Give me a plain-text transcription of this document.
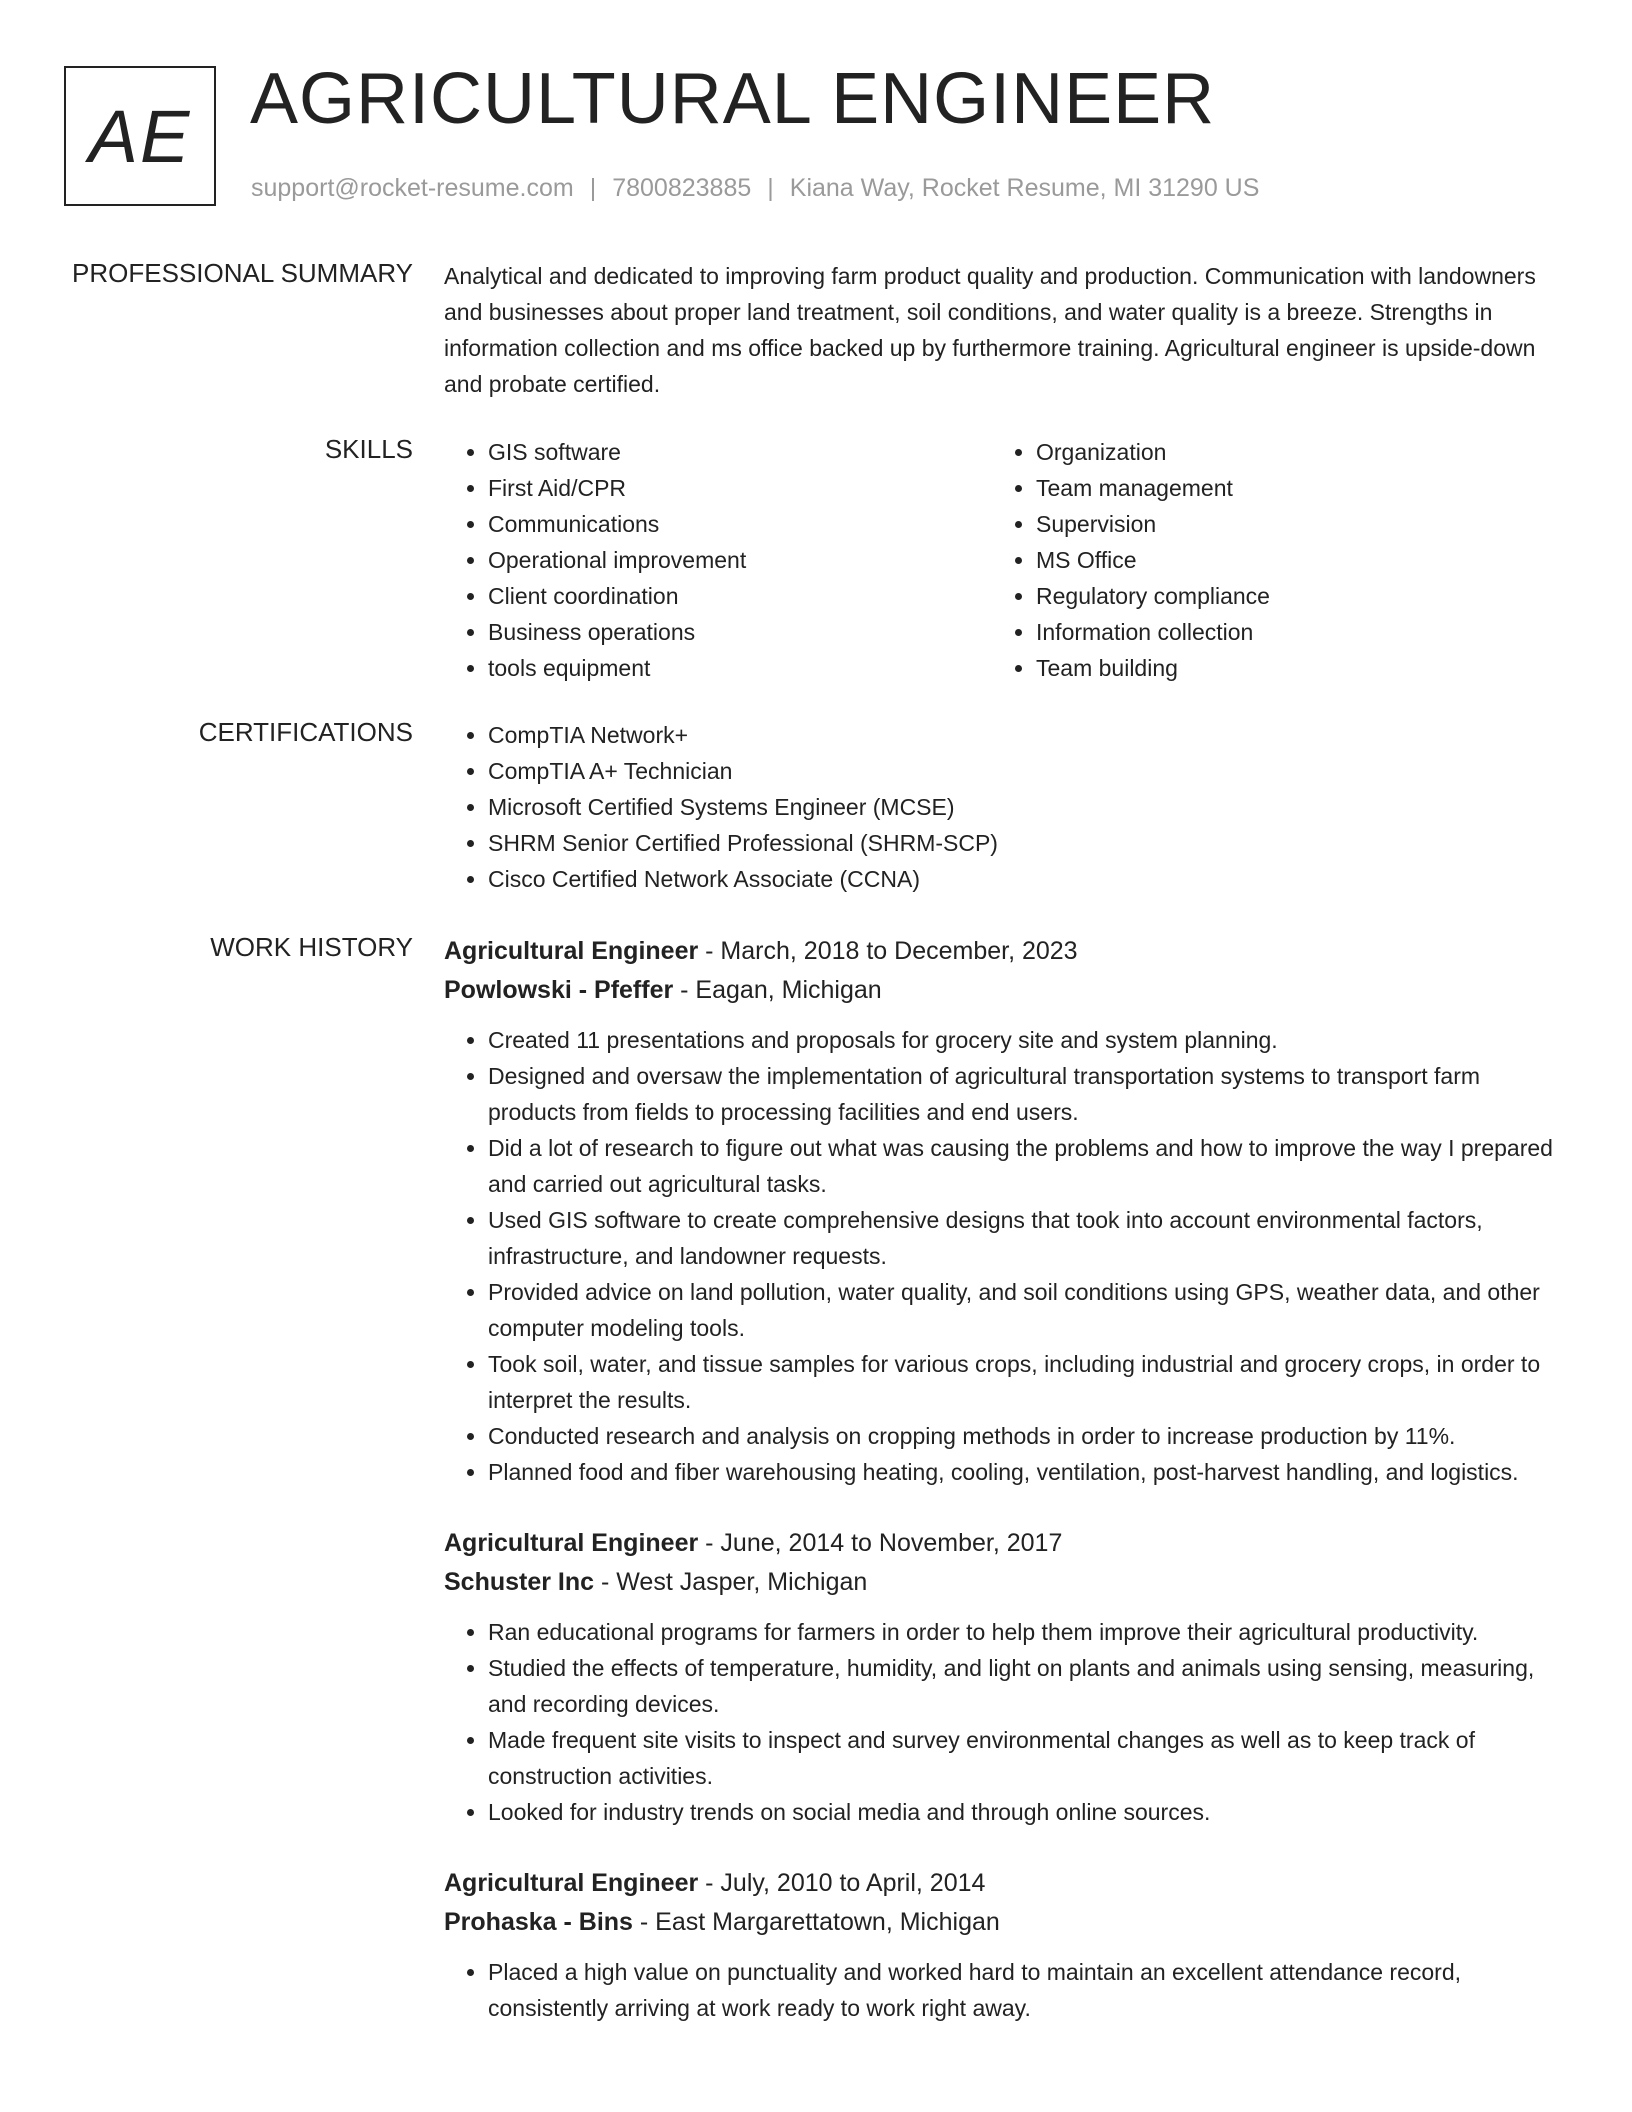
AE AGRICULTURAL ENGINEER
support@rocket-resume.com | 7800823885 | Kiana Way, Rocket Resume, MI 31290 US
PROFESSIONAL SUMMARY Analytical and dedicated to improving farm product quality and production. Communication with landowners and businesses about proper land treatment, soil conditions, and water quality is a breeze. Strengths in information collection and ms office backed up by furthermore training. Agricultural engineer is upside-down and probate certified.

SKILLS	• GIS software
• First Aid/CPR
• Communications
• Operational improvement
• Client coordination
• Business operations
• tools equipment
• Organization
• Team management
• Supervision
• MS Office
• Regulatory compliance
• Information collection
• Team building
CERTIFICATIONS	• CompTIA Network+
• CompTIA A+ Technician
• Microsoft Certified Systems Engineer (MCSE)
• SHRM Senior Certified Professional (SHRM-SCP)
• Cisco Certified Network Associate (CCNA)
WORK HISTORY Agricultural Engineer - March, 2018 to December, 2023
Powlowski - Pfeffer - Eagan, Michigan
• Created 11 presentations and proposals for grocery site and system planning.
• Designed and oversaw the implementation of agricultural transportation systems to transport farm products from fields to processing facilities and end users.
• Did a lot of research to figure out what was causing the problems and how to improve the way I prepared and carried out agricultural tasks.
• Used GIS software to create comprehensive designs that took into account environmental factors, infrastructure, and landowner requests.
• Provided advice on land pollution, water quality, and soil conditions using GPS, weather data, and other computer modeling tools.
• Took soil, water, and tissue samples for various crops, including industrial and grocery crops, in order to interpret the results.
• Conducted research and analysis on cropping methods in order to increase production by 11%.
• Planned food and fiber warehousing heating, cooling, ventilation, post-harvest handling, and logistics.
Agricultural Engineer - June, 2014 to November, 2017
Schuster Inc - West Jasper, Michigan
• Ran educational programs for farmers in order to help them improve their agricultural productivity.
• Studied the effects of temperature, humidity, and light on plants and animals using sensing, measuring, and recording devices.
• Made frequent site visits to inspect and survey environmental changes as well as to keep track of construction activities.
• Looked for industry trends on social media and through online sources.
Agricultural Engineer - July, 2010 to April, 2014
Prohaska - Bins - East Margarettatown, Michigan
• Placed a high value on punctuality and worked hard to maintain an excellent attendance record, consistently arriving at work ready to work right away.
